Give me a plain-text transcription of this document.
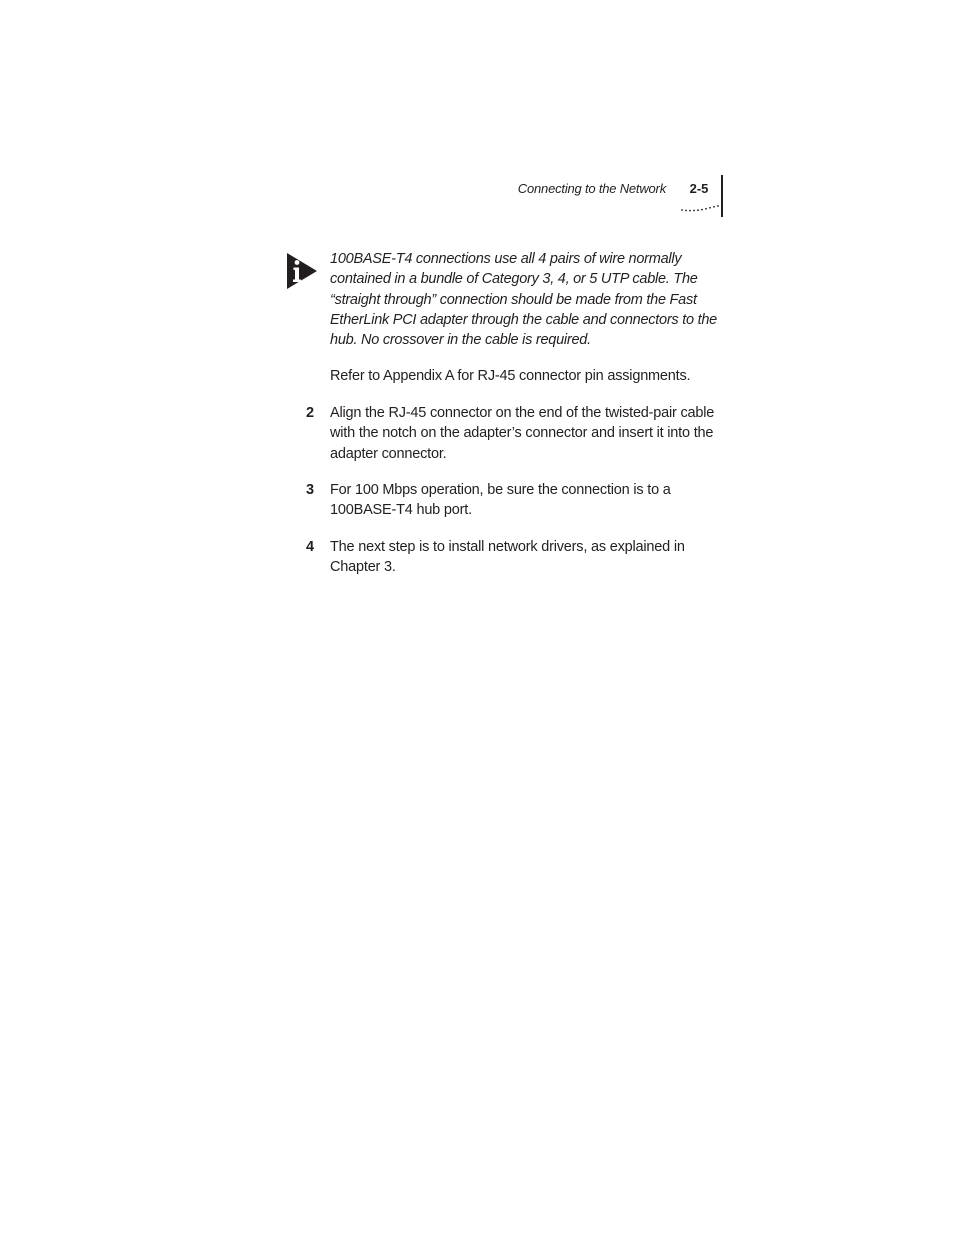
Connecting to the Network	2-5

100BASE-T4 connections use all 4 pairs of wire normally contained in a bundle of Category 3, 4, or 5 UTP cable. The “straight through” connection should be made from the Fast EtherLink PCI adapter through the cable and connectors to the hub. No crossover in the cable is required.

Refer to Appendix A for RJ-45 connector pin assignments.

2	Align the RJ-45 connector on the end of the twisted-pair cable with the notch on the adapter’s connector and insert it into the adapter connector.
3	For 100 Mbps operation, be sure the connection is to a 100BASE-T4 hub port.
4	The next step is to install network drivers, as explained in Chapter 3.
